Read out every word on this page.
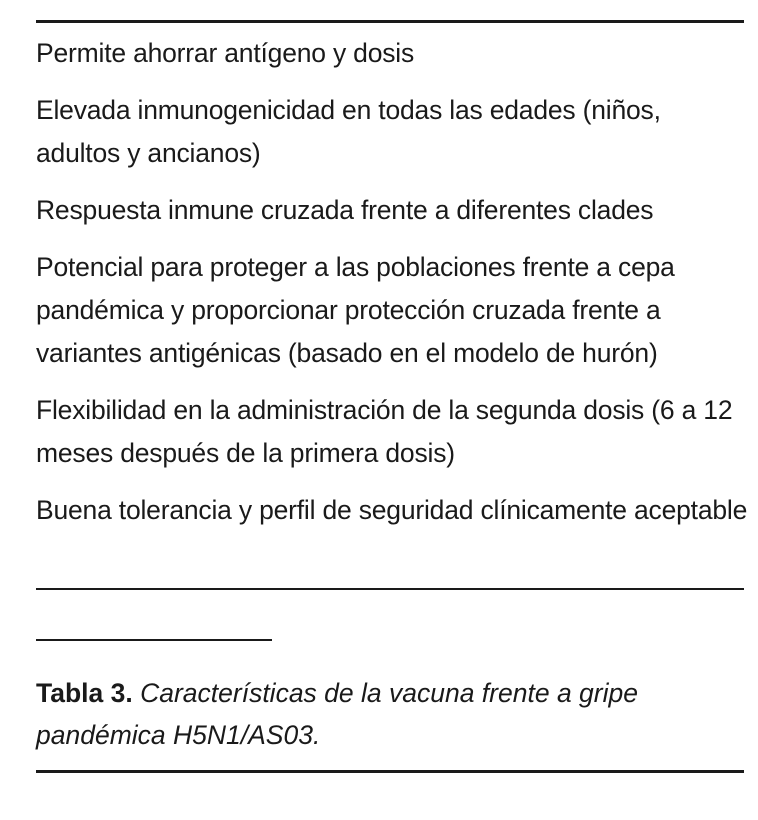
Permite ahorrar antígeno y dosis
Elevada inmunogenicidad en todas las edades (niños, adultos y ancianos)
Respuesta inmune cruzada frente a diferentes clades
Potencial para proteger a las poblaciones frente a cepa pandémica y proporcionar protección cruzada frente a variantes antigénicas (basado en el modelo de hurón)
Flexibilidad en la administración de la segunda dosis (6 a 12 meses después de la primera dosis)
Buena tolerancia y perfil de seguridad clínicamente aceptable
Tabla 3. Características de la vacuna frente a gripe pandémica H5N1/AS03.
